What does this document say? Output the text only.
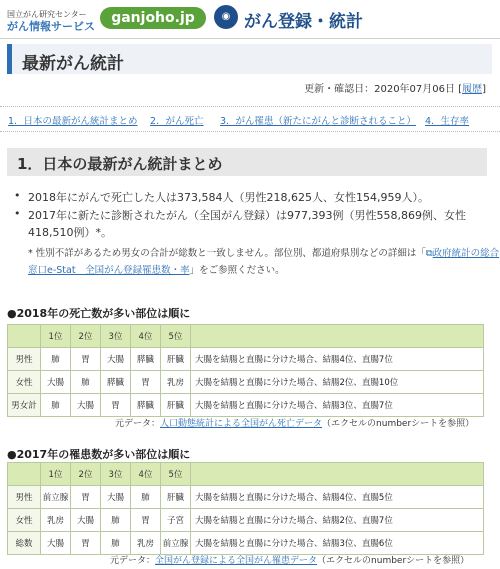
国立がん研究センター
がん情報サービス
ganjoho.jp	◉ がん登録・統計
最新がん統計
更新・確認日：2020年07月06日 [履歴]
1．日本の最新がん統計まとめ 2．がん死亡 3．がん罹患（新たにがんと診断されること） 4．生存率
1．日本の最新がん統計まとめ
• 2018年にがんで死亡した人は373,584人（男性218,625人、女性154,959人）。
• 2017年に新たに診断されたがん（全国がん登録）は977,393例（男性558,869例、女性
418,510例）*。
* 性別不詳があるため男女の合計が総数と一致しません。部位別、都道府県別などの詳細は「⧉政府統計の総合
窓口e-Stat　全国がん登録罹患数・率」をご参照ください。
●2018年の死亡数が多い部位は順に
	1位	2位	3位	4位	5位	
男性	肺	胃	大腸	膵臓	肝臓	大腸を結腸と直腸に分けた場合、結腸4位、直腸7位
女性	大腸	肺	膵臓	胃	乳房	大腸を結腸と直腸に分けた場合、結腸2位、直腸10位
男女計	肺	大腸	胃	膵臓	肝臓	大腸を結腸と直腸に分けた場合、結腸3位、直腸7位
元データ：人口動態統計による全国がん死亡データ（エクセルのnumberシートを参照）
●2017年の罹患数が多い部位は順に
	1位	2位	3位	4位	5位	
男性	前立腺	胃	大腸	肺	肝臓	大腸を結腸と直腸に分けた場合、結腸4位、直腸5位
女性	乳房	大腸	肺	胃	子宮	大腸を結腸と直腸に分けた場合、結腸2位、直腸7位
総数	大腸	胃	肺	乳房	前立腺	大腸を結腸と直腸に分けた場合、結腸3位、直腸6位
元データ：全国がん登録による全国がん罹患データ（エクセルのnumberシートを参照）
